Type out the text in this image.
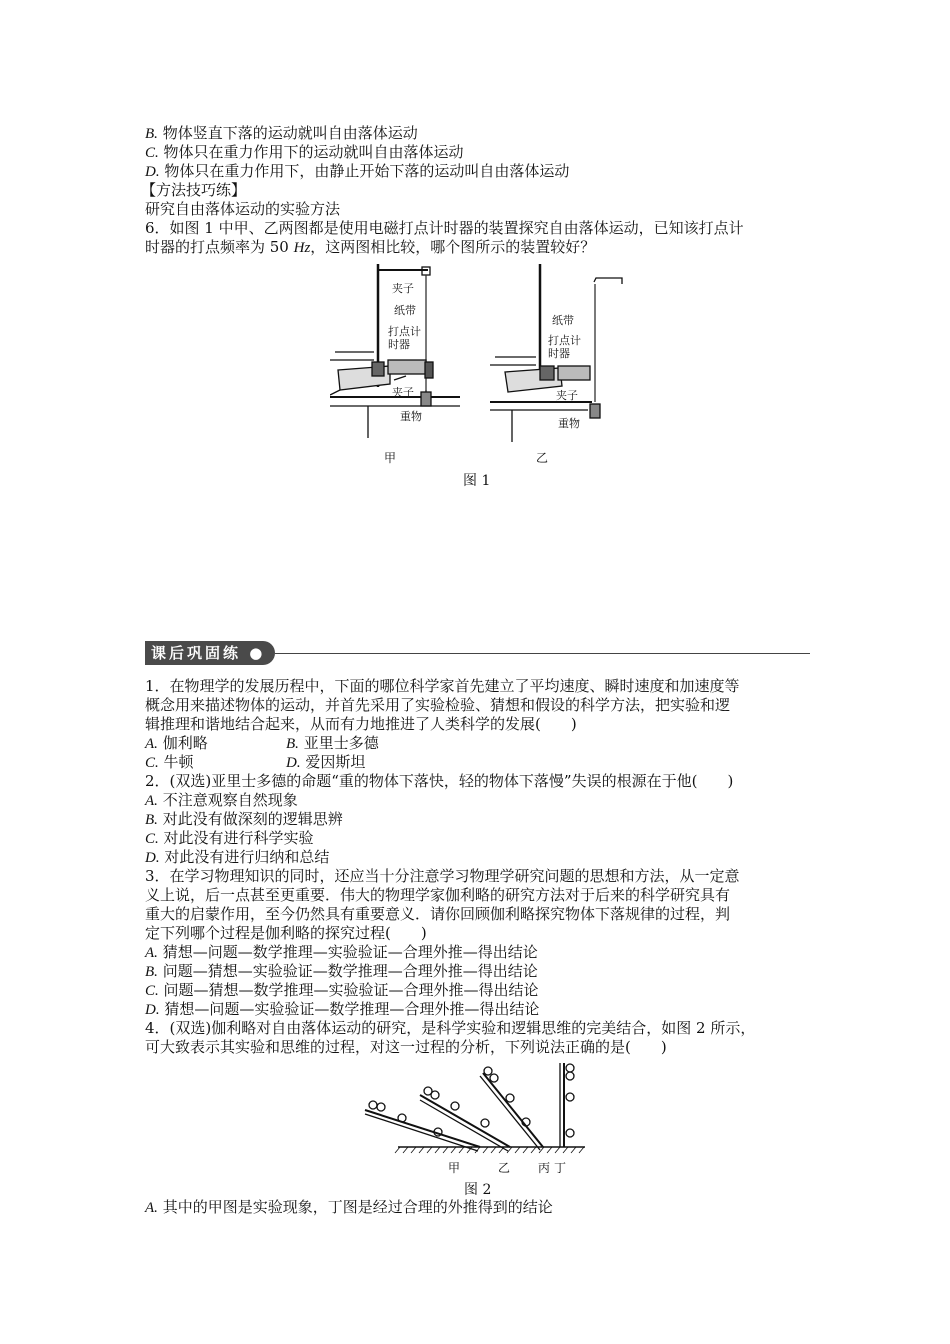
B. 物体竖直下落的运动就叫自由落体运动
C. 物体只在重力作用下的运动就叫自由落体运动
D. 物体只在重力作用下，由静止开始下落的运动叫自由落体运动
【方法技巧练】
研究自由落体运动的实验方法
6．如图 1 中甲、乙两图都是使用电磁打点计时器的装置探究自由落体运动，已知该打点计
时器的打点频率为 50 Hz，这两图相比较，哪个图所示的装置较好？
夹子
纸带
打点计
时器
夹子
重物
甲
纸带
打点计
时器
夹子
重物
乙
图 1
课后巩固练 ●
1．在物理学的发展历程中，下面的哪位科学家首先建立了平均速度、瞬时速度和加速度等
概念用来描述物体的运动，并首先采用了实验检验、猜想和假设的科学方法，把实验和逻
辑推理和谐地结合起来，从而有力地推进了人类科学的发展(　　)
A. 伽利略	B. 亚里士多德
C. 牛顿	D. 爱因斯坦
2．(双选)亚里士多德的命题“重的物体下落快，轻的物体下落慢”失误的根源在于他(　　)
A. 不注意观察自然现象
B. 对此没有做深刻的逻辑思辨
C. 对此没有进行科学实验
D. 对此没有进行归纳和总结
3．在学习物理知识的同时，还应当十分注意学习物理学研究问题的思想和方法，从一定意
义上说，后一点甚至更重要．伟大的物理学家伽利略的研究方法对于后来的科学研究具有
重大的启蒙作用，至今仍然具有重要意义．请你回顾伽利略探究物体下落规律的过程，判
定下列哪个过程是伽利略的探究过程(　　)
A. 猜想—问题—数学推理—实验验证—合理外推—得出结论
B. 问题—猜想—实验验证—数学推理—合理外推—得出结论
C. 问题—猜想—数学推理—实验验证—合理外推—得出结论
D. 猜想—问题—实验验证—数学推理—合理外推—得出结论
4．(双选)伽利略对自由落体运动的研究，是科学实验和逻辑思维的完美结合，如图 2 所示，
可大致表示其实验和思维的过程，对这一过程的分析，下列说法正确的是(　　)
甲	乙 丙 丁
图 2
A. 其中的甲图是实验现象，丁图是经过合理的外推得到的结论
